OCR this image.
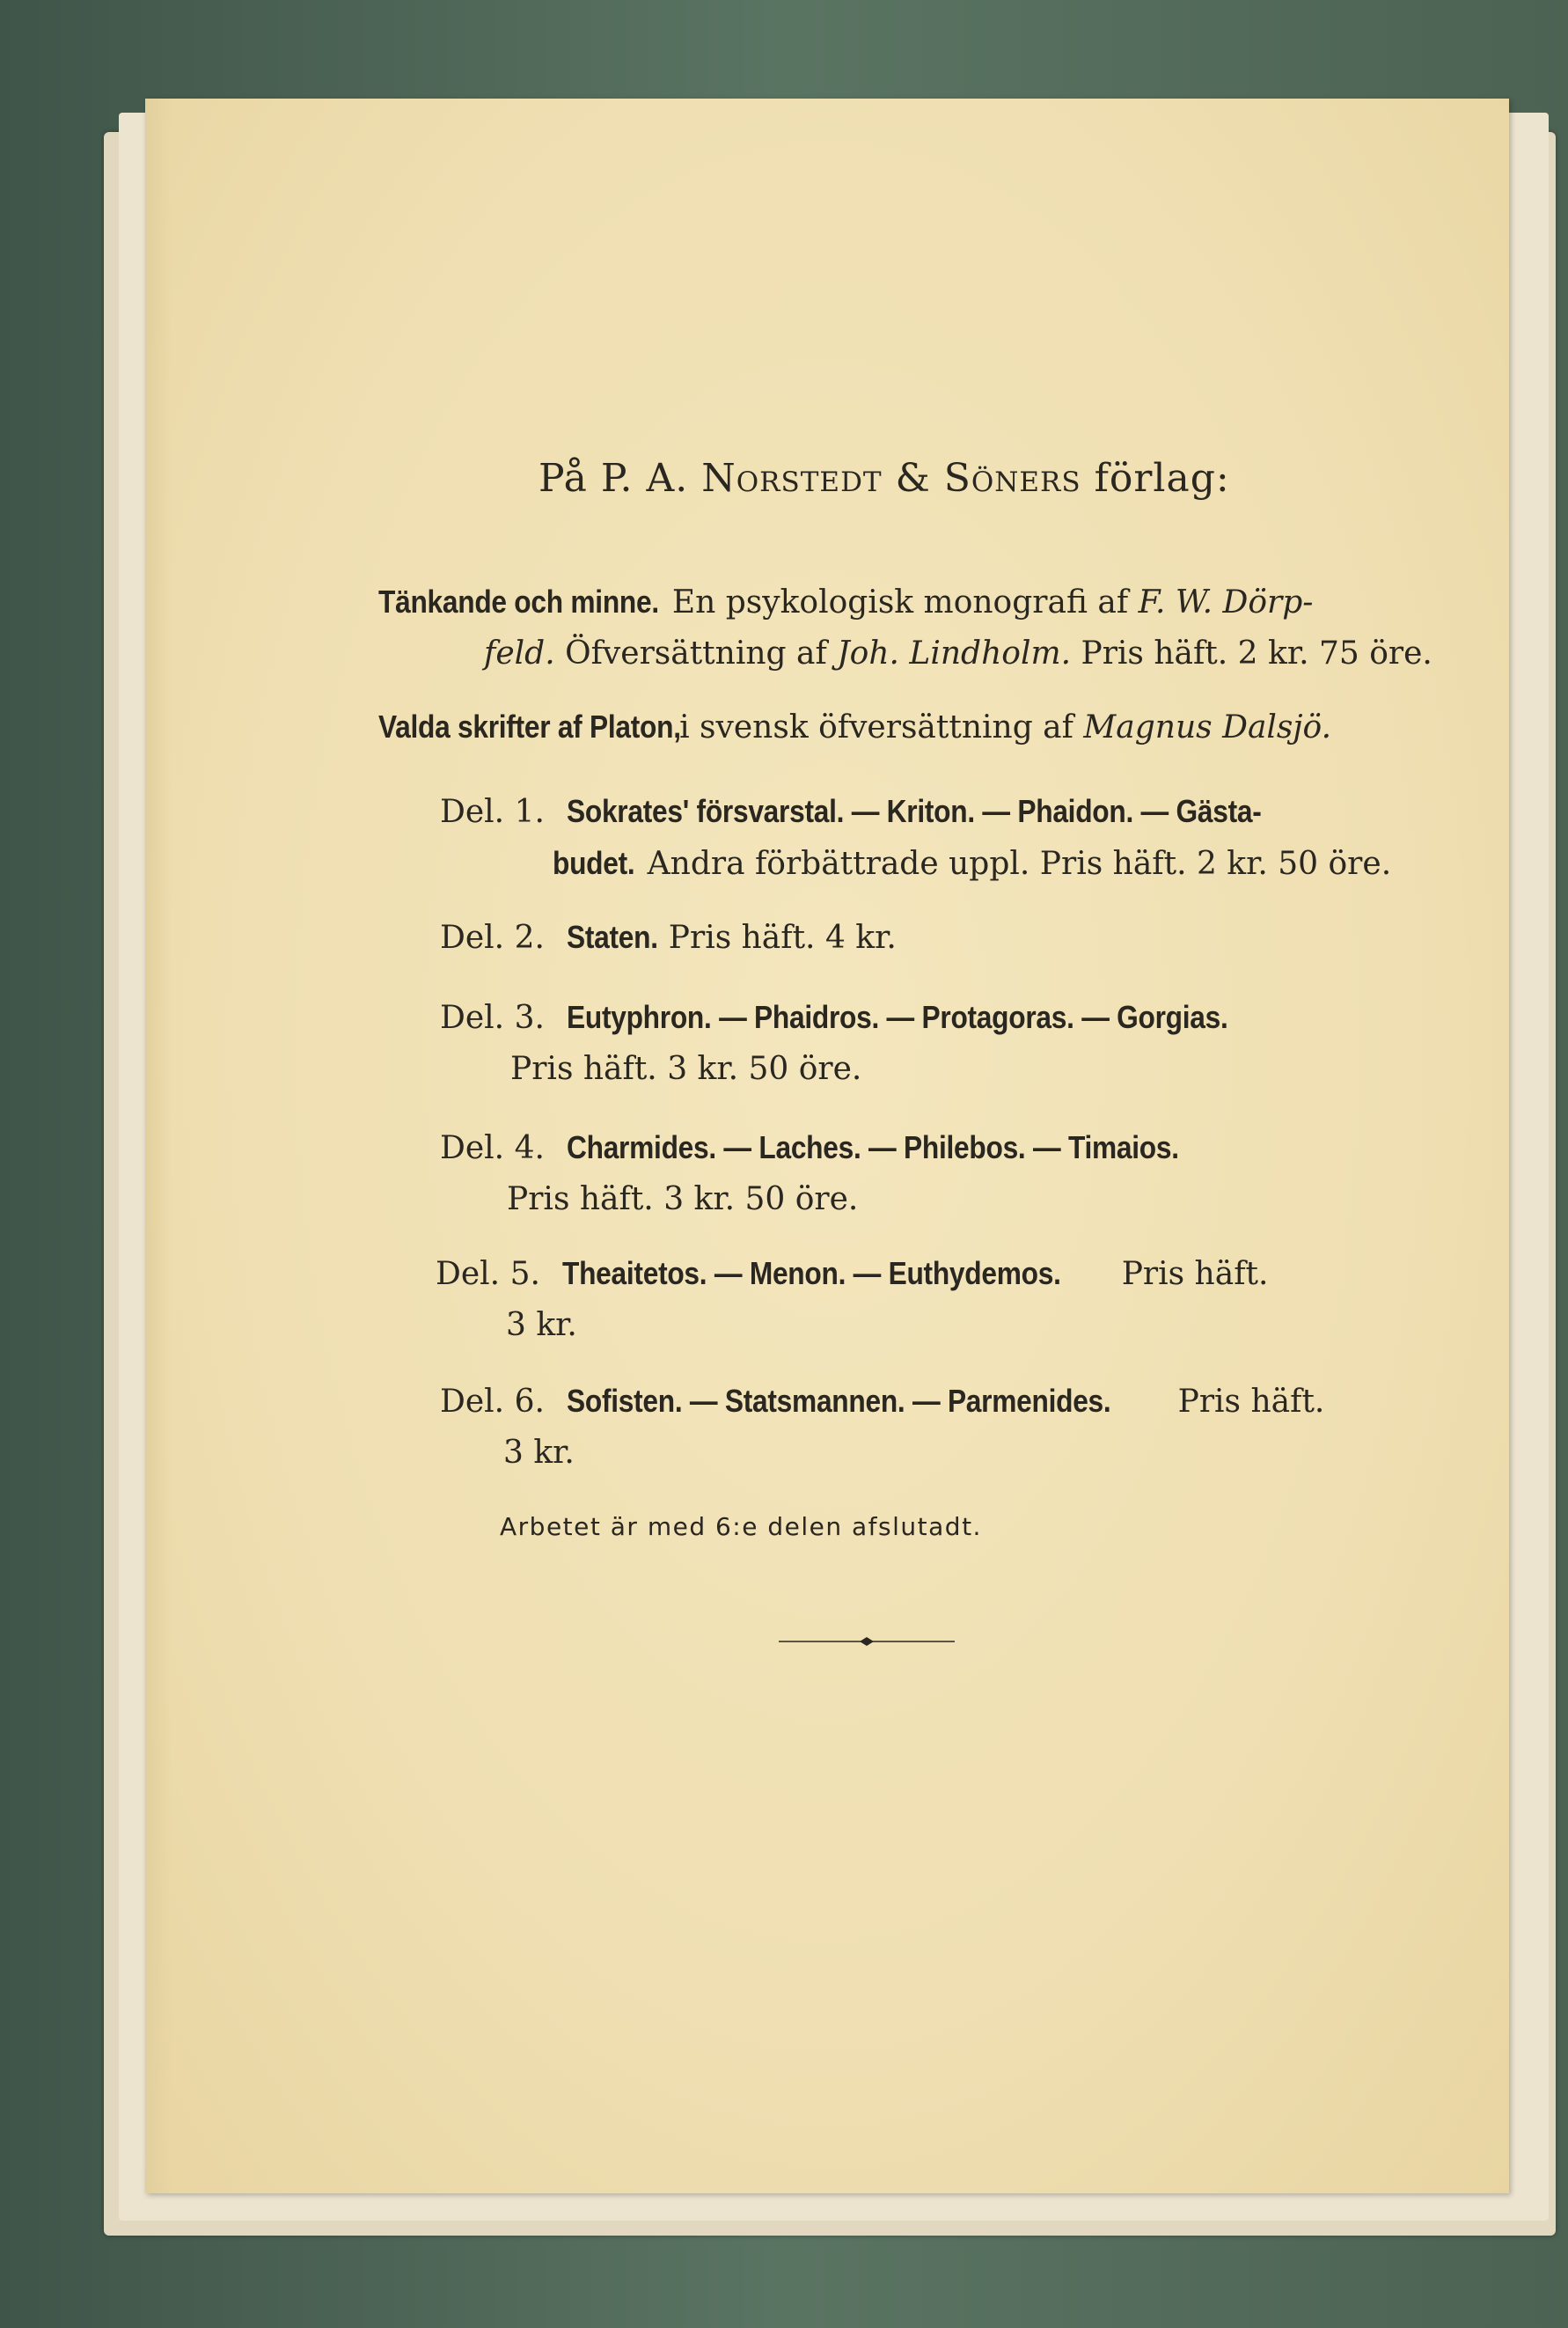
På P. A. Norstedt & Söners förlag:
Tänkande och minne. En psykologisk monografi af F. W. Dörp-
feld. Öfversättning af Joh. Lindholm. Pris häft. 2 kr. 75 öre.
Valda skrifter af Platon, i svensk öfversättning af Magnus Dalsjö.
Del. 1. Sokrates' försvarstal. — Kriton. — Phaidon. — Gästa-
budet. Andra förbättrade uppl. Pris häft. 2 kr. 50 öre.
Del. 2. Staten. Pris häft. 4 kr.
Del. 3. Eutyphron. — Phaidros. — Protagoras. — Gorgias.
Pris häft. 3 kr. 50 öre.
Del. 4. Charmides. — Laches. — Philebos. — Timaios.
Pris häft. 3 kr. 50 öre.
Del. 5. Theaitetos. — Menon. — Euthydemos. Pris häft.
3 kr.
Del. 6. Sofisten. — Statsmannen. — Parmenides. Pris häft.
3 kr.
Arbetet är med 6:e delen afslutadt.
